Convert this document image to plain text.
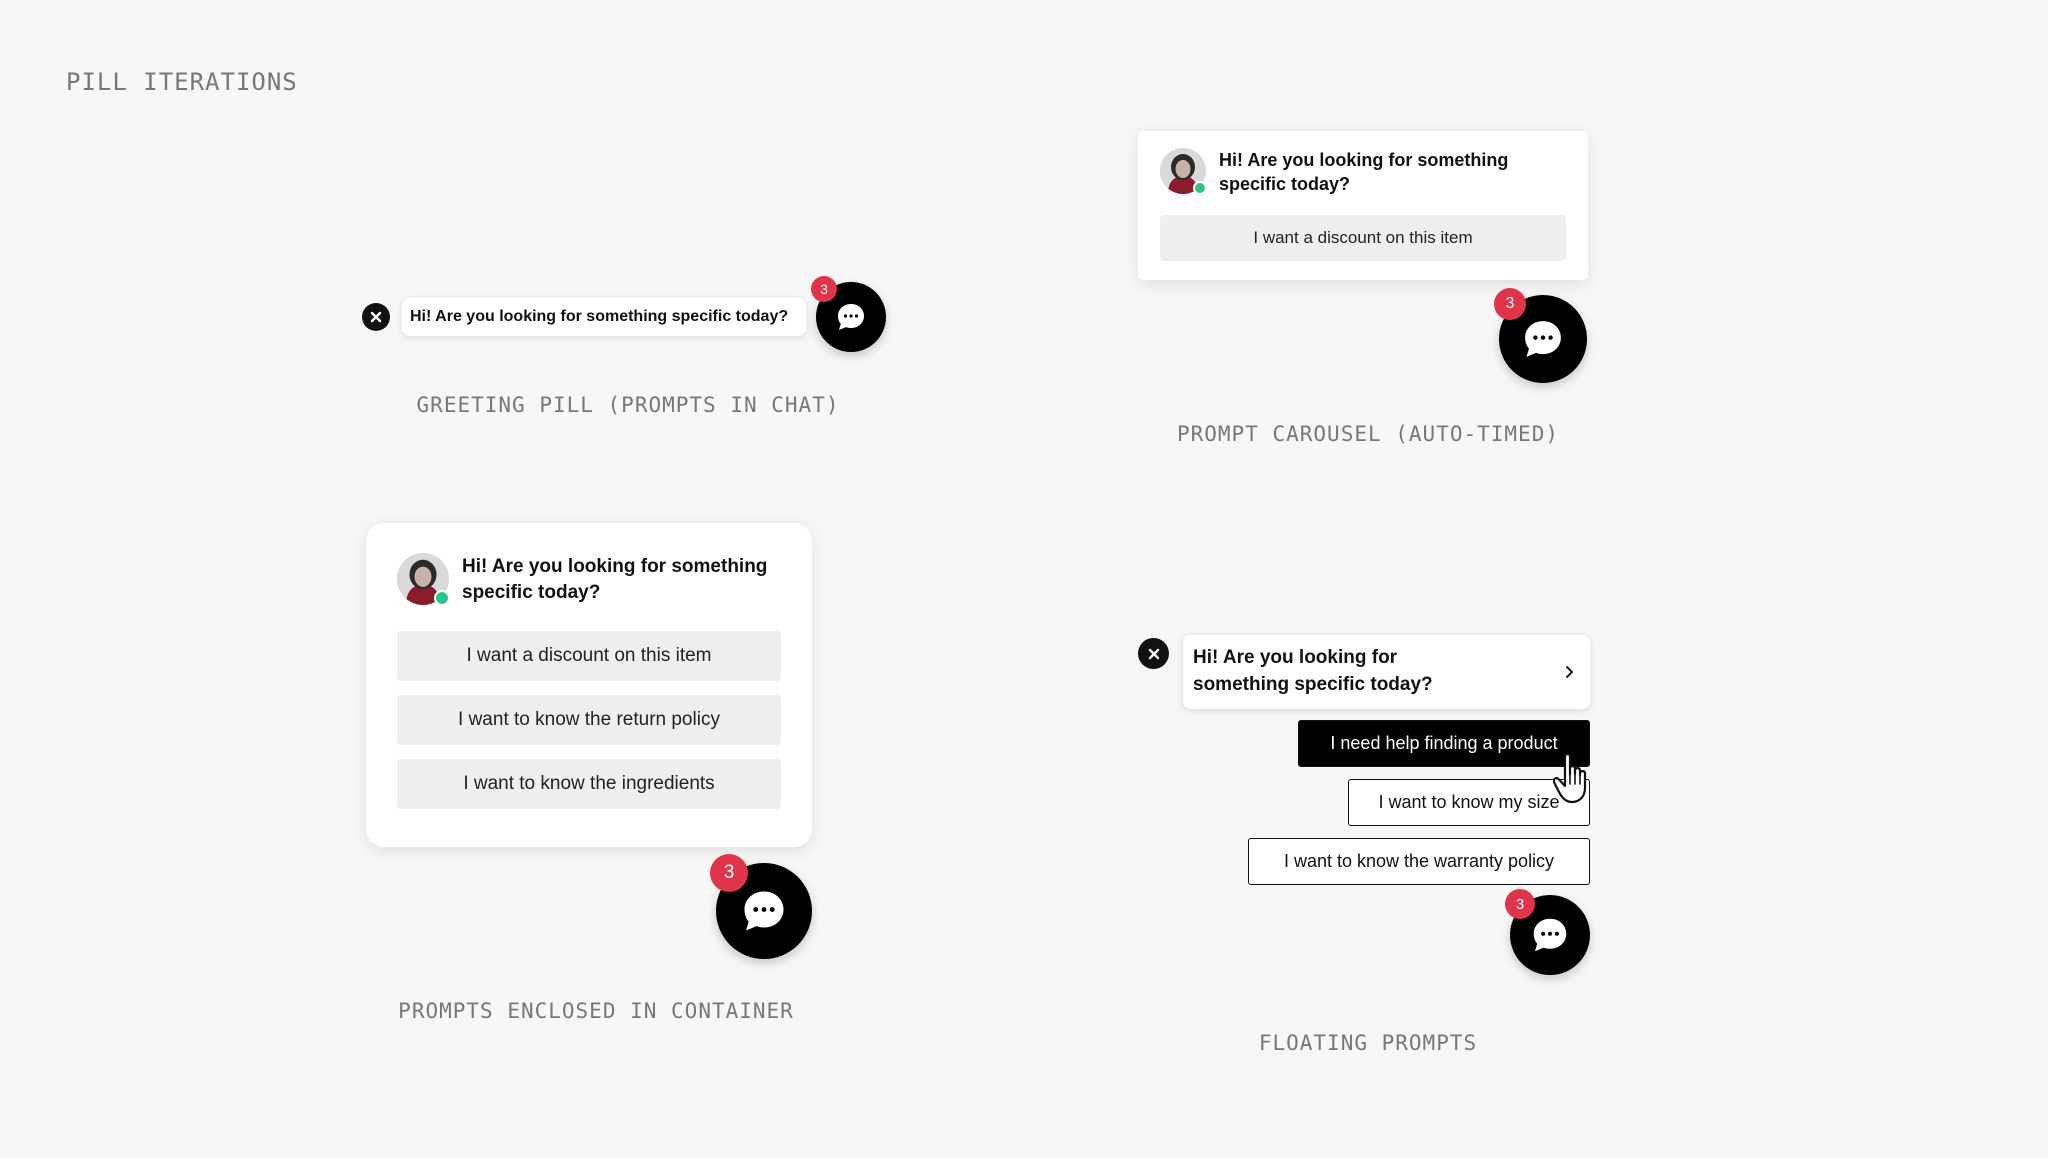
PILL ITERATIONS
Hi! Are you looking for something specific today?
3
GREETING PILL (PROMPTS IN CHAT)
Hi! Are you looking for something specific today?
I want a discount on this item
3
PROMPT CAROUSEL (AUTO-TIMED)
Hi! Are you looking for something specific today?
I want a discount on this item
I want to know the return policy
I want to know the ingredients
3
PROMPTS ENCLOSED IN CONTAINER
Hi! Are you looking for something specific today?
I need help finding a product
I want to know my size
I want to know the warranty policy
3
FLOATING PROMPTS
